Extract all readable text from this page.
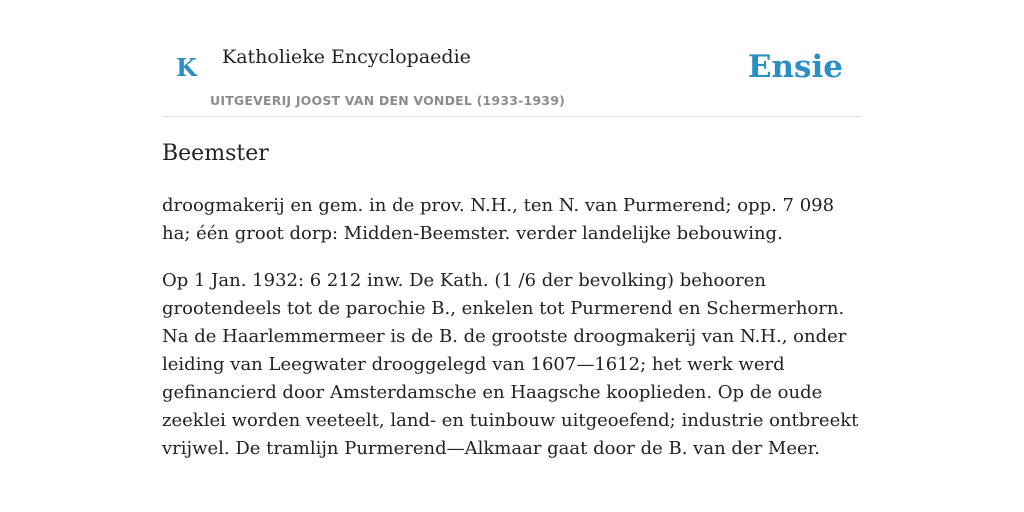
K Katholieke Encyclopaedie
UITGEVERIJ JOOST VAN DEN VONDEL (1933-1939)
Ensie
Beemster

droogmakerij en gem. in de prov. N.H., ten N. van Purmerend; opp. 7 098 ha; één groot dorp: Midden-Beemster. verder landelijke bebouwing.

Op 1 Jan. 1932: 6 212 inw. De Kath. (1 /6 der bevolking) behooren grootendeels tot de parochie B., enkelen tot Purmerend en Schermerhorn. Na de Haarlemmermeer is de B. de grootste droogmakerij van N.H., onder leiding van Leegwater drooggelegd van 1607—1612; het werk werd gefinancierd door Amsterdamsche en Haagsche kooplieden. Op de oude zeeklei worden veeteelt, land- en tuinbouw uitgeoefend; industrie ontbreekt vrijwel. De tramlijn Purmerend—Alkmaar gaat door de B. van der Meer.
